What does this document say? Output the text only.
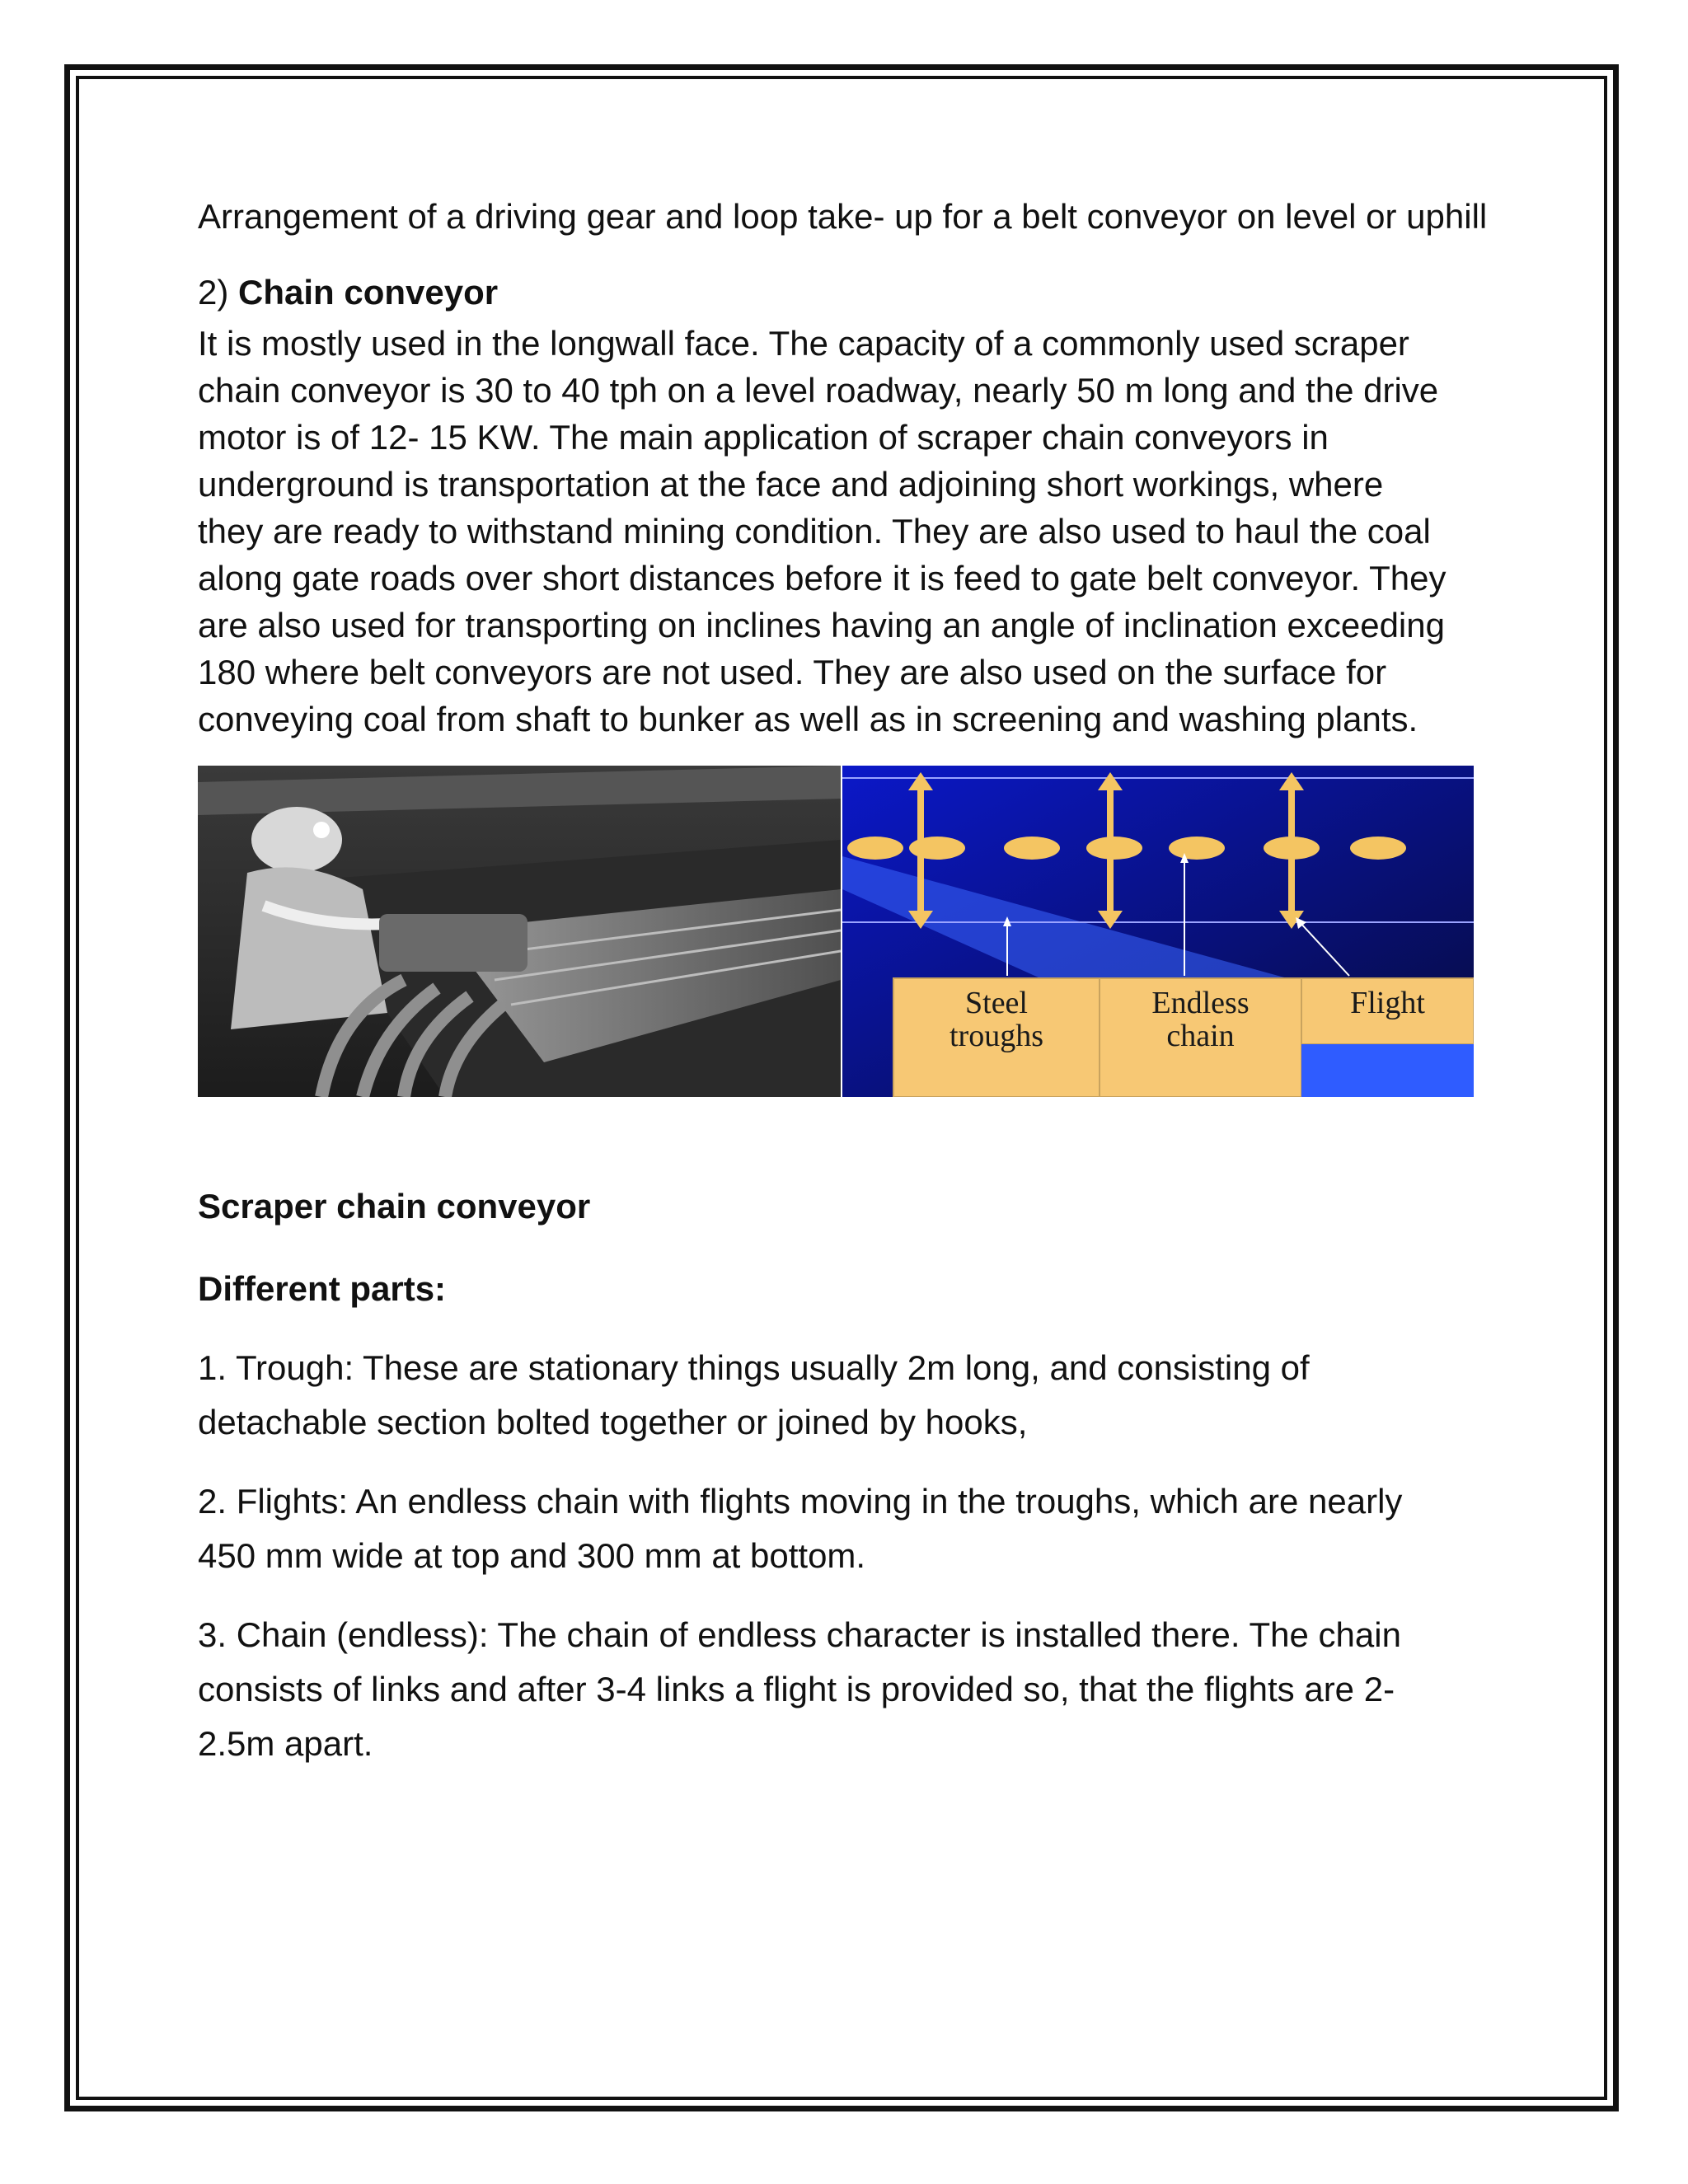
Arrangement of a driving gear and loop take- up for a belt conveyor on level or uphill

2) Chain conveyor

It is mostly used in the longwall face. The capacity of a commonly used scraper
chain conveyor is 30 to 40 tph on a level roadway, nearly 50 m long and the drive
motor is of 12- 15 KW. The main application of scraper chain conveyors in
underground is transportation at the face and adjoining short workings, where
they are ready to withstand mining condition. They are also used to haul the coal
along gate roads over short distances before it is feed to gate belt conveyor. They
are also used for transporting on inclines having an angle of inclination exceeding
180 where belt conveyors are not used. They are also used on the surface for
conveying coal from shaft to bunker as well as in screening and washing plants.
Steel
troughs
Endless
chain
Flight

Scraper chain conveyor

Different parts:

1. Trough: These are stationary things usually 2m long, and consisting of
detachable section bolted together or joined by hooks,
2. Flights: An endless chain with flights moving in the troughs, which are nearly
450 mm wide at top and 300 mm at bottom.
3. Chain (endless): The chain of endless character is installed there. The chain
consists of links and after 3-4 links a flight is provided so, that the flights are 2-
2.5m apart.
